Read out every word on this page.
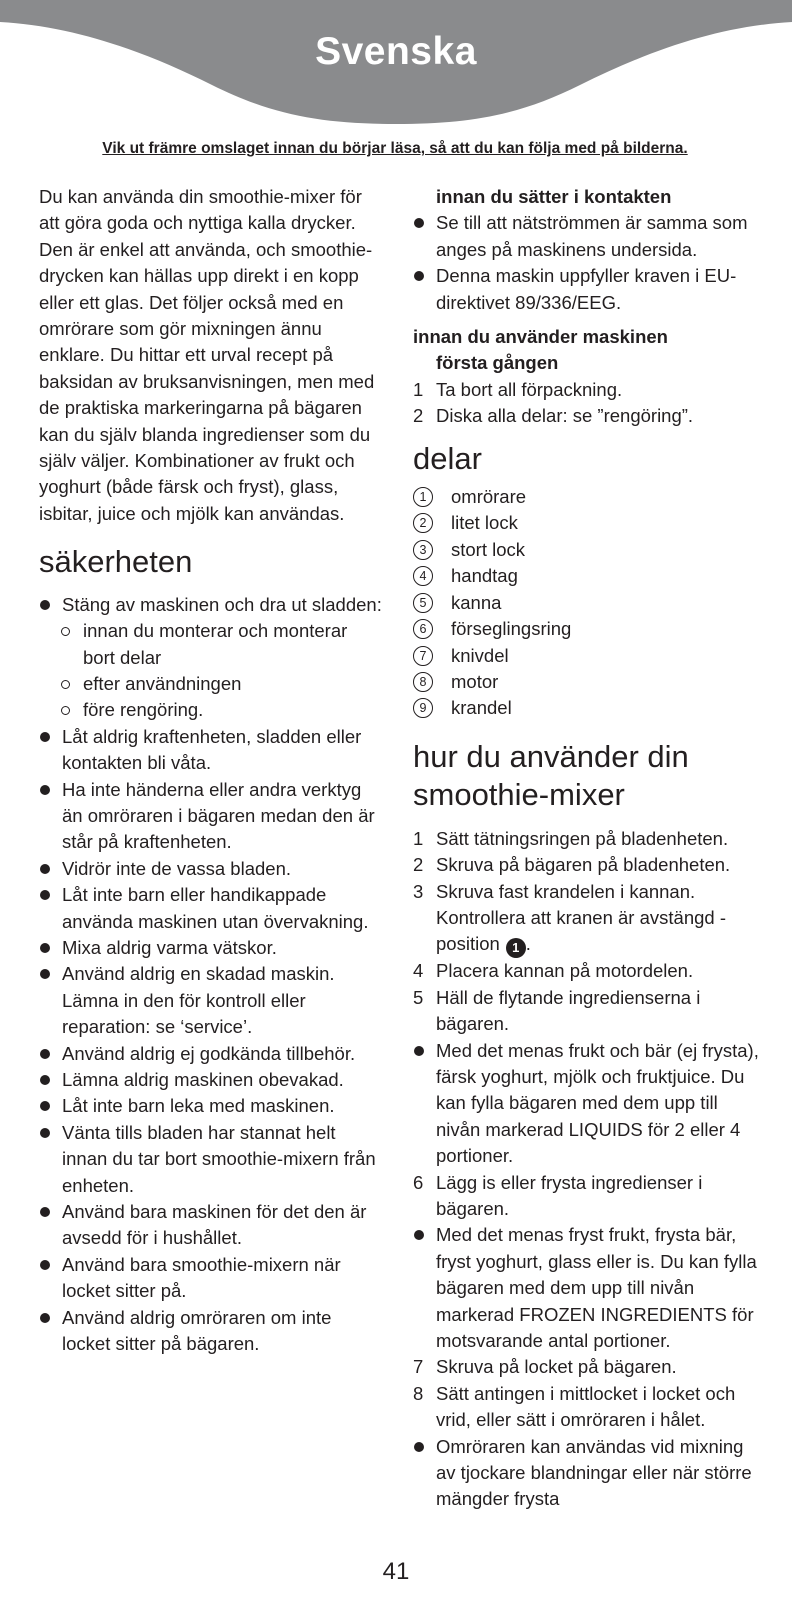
Svenska
Vik ut främre omslaget innan du börjar läsa, så att du kan följa med på bilderna.

Du kan använda din smoothie-mixer för att göra goda och nyttiga kalla drycker. Den är enkel att använda, och smoothie-drycken kan hällas upp direkt i en kopp eller ett glas. Det följer också med en omrörare som gör mixningen ännu enklare. Du hittar ett urval recept på baksidan av bruksanvisningen, men med de praktiska markeringarna på bägaren kan du själv blanda ingredienser som du själv väljer. Kombinationer av frukt och yoghurt (både färsk och fryst), glass, isbitar, juice och mjölk kan användas.

säkerheten
Stäng av maskinen och dra ut sladden:
innan du monterar och monterar bort delar
efter användningen
före rengöring.
Låt aldrig kraftenheten, sladden eller kontakten bli våta.
Ha inte händerna eller andra verktyg än omröraren i bägaren medan den är står på kraftenheten.
Vidrör inte de vassa bladen.
Låt inte barn eller handikappade använda maskinen utan övervakning.
Mixa aldrig varma vätskor.
Använd aldrig en skadad maskin. Lämna in den för kontroll eller reparation: se ‘service’.
Använd aldrig ej godkända tillbehör.
Lämna aldrig maskinen obevakad.
Låt inte barn leka med maskinen.
Vänta tills bladen har stannat helt innan du tar bort smoothie-mixern från enheten.
Använd bara maskinen för det den är avsedd för i hushållet.
Använd bara smoothie-mixern när locket sitter på.
Använd aldrig omröraren om inte locket sitter på bägaren.
innan du sätter i kontakten
Se till att nätströmmen är samma som anges på maskinens undersida.
Denna maskin uppfyller kraven i EU-direktivet 89/336/EEG.
innan du använder maskinen
första gången
1 Ta bort all förpackning.
2 Diska alla delar: se ”rengöring”.
delar
1	omrörare
2	litet lock
3	stort lock
4	handtag
5	kanna
6	förseglingsring
7	knivdel
8	motor
9	krandel
hur du använder din
smoothie-mixer
1 Sätt tätningsringen på bladenheten.
2 Skruva på bägaren på bladenheten.
3 Skruva fast krandelen i kannan. Kontrollera att kranen är avstängd - position 1 .
4 Placera kannan på motordelen.
5 Häll de flytande ingredienserna i bägaren.
Med det menas frukt och bär (ej frysta), färsk yoghurt, mjölk och fruktjuice. Du kan fylla bägaren med dem upp till nivån markerad LIQUIDS för 2 eller 4 portioner.
6 Lägg is eller frysta ingredienser i bägaren.
Med det menas fryst frukt, frysta bär, fryst yoghurt, glass eller is. Du kan fylla bägaren med dem upp till nivån markerad FROZEN INGREDIENTS för motsvarande antal portioner.
7 Skruva på locket på bägaren.
8 Sätt antingen i mittlocket i locket och vrid, eller sätt i omröraren i hålet.
Omröraren kan användas vid mixning av tjockare blandningar eller när större mängder frysta
41
